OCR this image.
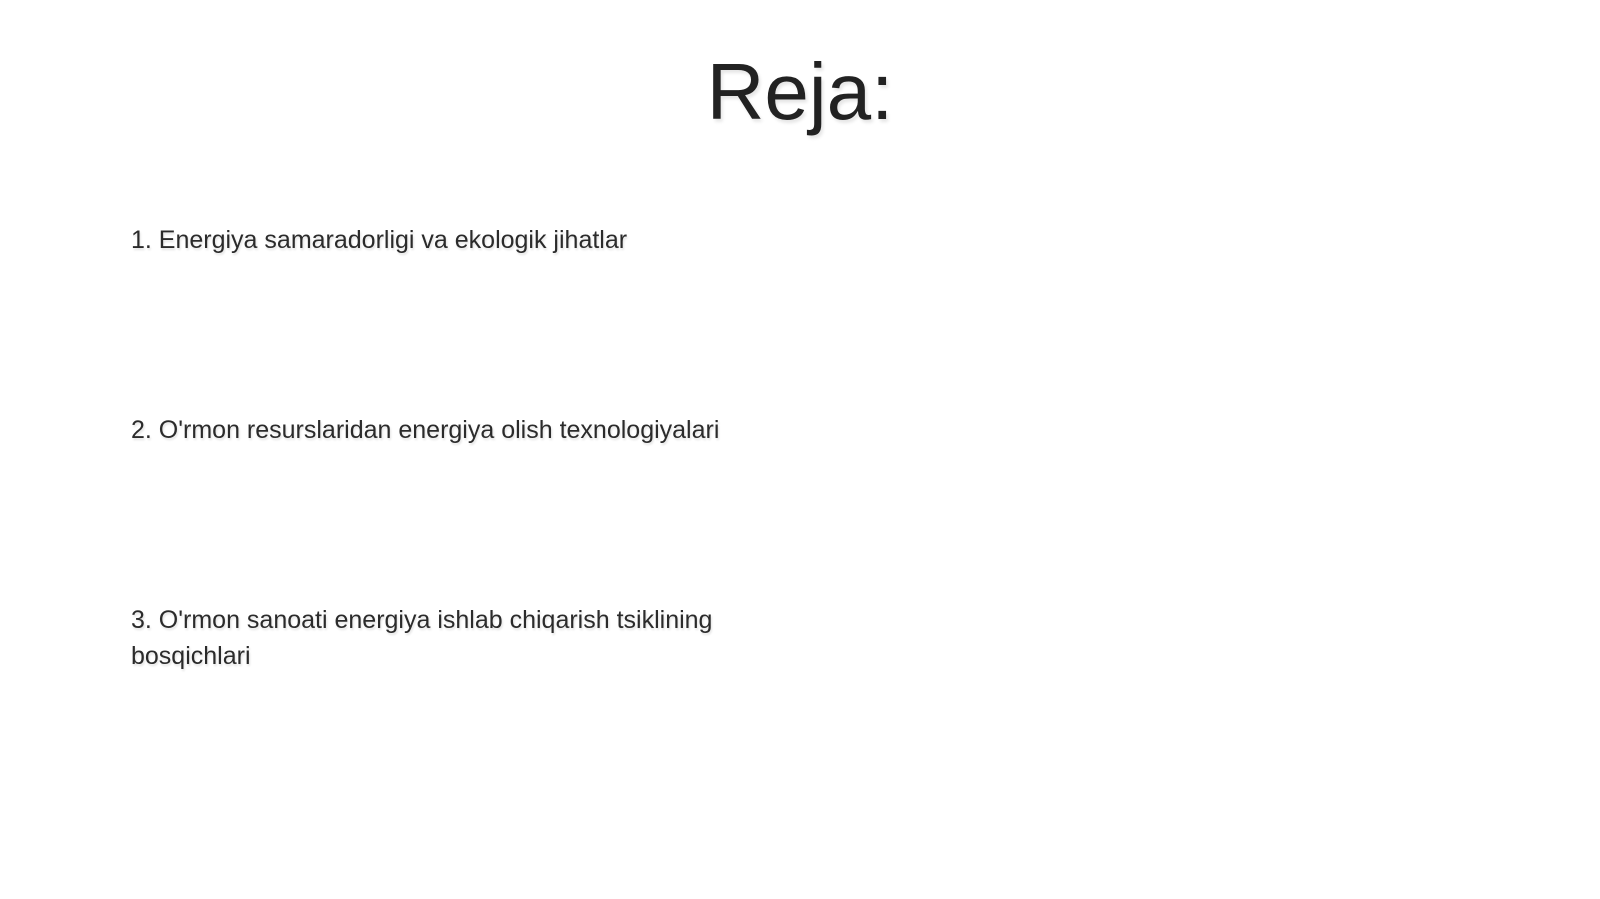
Reja:
1. Energiya samaradorligi va ekologik jihatlar
2. O'rmon resurslaridan energiya olish texnologiyalari
3. O'rmon sanoati energiya ishlab chiqarish tsiklining bosqichlari
